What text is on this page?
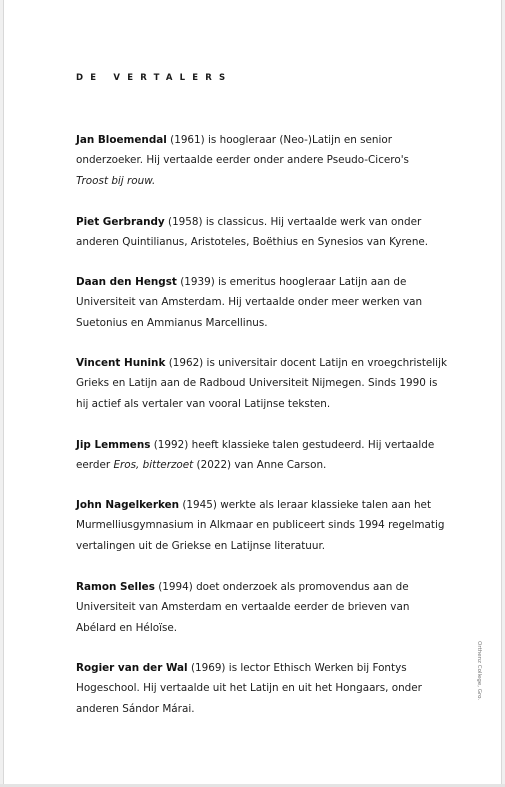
DE VERTALERS
Jan Bloemendal (1961) is hoogleraar (Neo-)Latijn en senior
onderzoeker. Hij vertaalde eerder onder andere Pseudo-Cicero's
Troost bij rouw.
Piet Gerbrandy (1958) is classicus. Hij vertaalde werk van onder
anderen Quintilianus, Aristoteles, Boëthius en Synesios van Kyrene.
Daan den Hengst (1939) is emeritus hoogleraar Latijn aan de
Universiteit van Amsterdam. Hij vertaalde onder meer werken van
Suetonius en Ammianus Marcellinus.
Vincent Hunink (1962) is universitair docent Latijn en vroegchristelijk
Grieks en Latijn aan de Radboud Universiteit Nijmegen. Sinds 1990 is
hij actief als vertaler van vooral Latijnse teksten.
Jip Lemmens (1992) heeft klassieke talen gestudeerd. Hij vertaalde
eerder Eros, bitterzoet (2022) van Anne Carson.
John Nagelkerken (1945) werkte als leraar klassieke talen aan het
Murmelliusgymnasium in Alkmaar en publiceert sinds 1994 regelmatig
vertalingen uit de Griekse en Latijnse literatuur.
Ramon Selles (1994) doet onderzoek als promovendus aan de
Universiteit van Amsterdam en vertaalde eerder de brieven van
Abélard en Héloïse.
Rogier van der Wal (1969) is lector Ethisch Werken bij Fontys
Hogeschool. Hij vertaalde uit het Latijn en uit het Hongaars, onder
anderen Sándor Márai.
Orthenz College, Gro.
